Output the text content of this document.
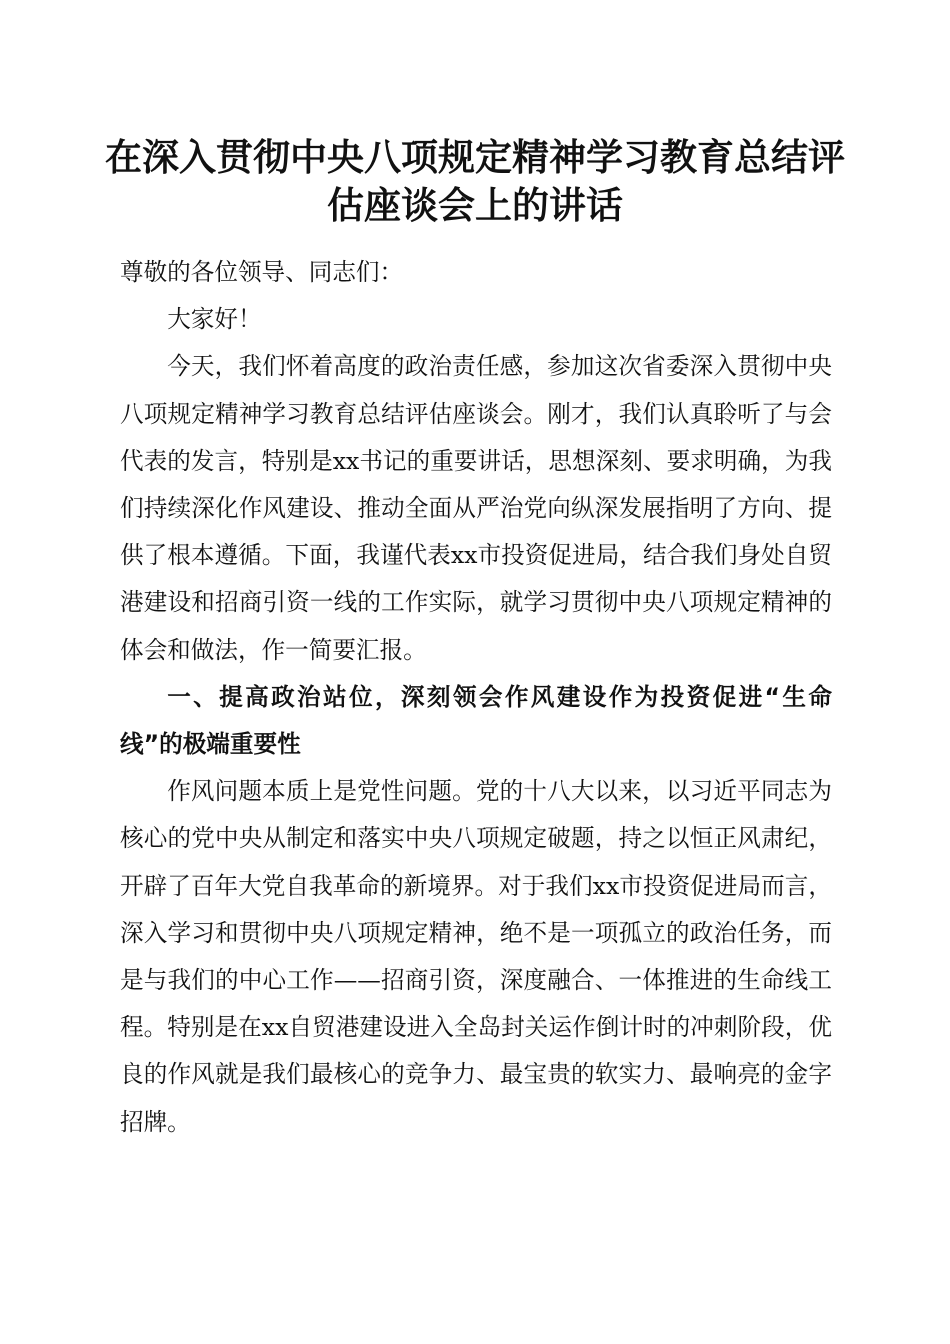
在深入贯彻中央八项规定精神学习教育总结评
估座谈会上的讲话

尊敬的各位领导、同志们：

大家好！

今天，我们怀着高度的政治责任感，参加这次省委深入贯彻中央八项规定精神学习教育总结评估座谈会。刚才，我们认真聆听了与会代表的发言，特别是xx书记的重要讲话，思想深刻、要求明确，为我们持续深化作风建设、推动全面从严治党向纵深发展指明了方向、提供了根本遵循。下面，我谨代表xx市投资促进局，结合我们身处自贸港建设和招商引资一线的工作实际，就学习贯彻中央八项规定精神的体会和做法，作一简要汇报。

一、提高政治站位，深刻领会作风建设作为投资促进“生命线”的极端重要性

作风问题本质上是党性问题。党的十八大以来，以习近平同志为核心的党中央从制定和落实中央八项规定破题，持之以恒正风肃纪，开辟了百年大党自我革命的新境界。对于我们xx市投资促进局而言，深入学习和贯彻中央八项规定精神，绝不是一项孤立的政治任务，而是与我们的中心工作——招商引资，深度融合、一体推进的生命线工程。特别是在xx自贸港建设进入全岛封关运作倒计时的冲刺阶段，优良的作风就是我们最核心的竞争力、最宝贵的软实力、最响亮的金字招牌。
